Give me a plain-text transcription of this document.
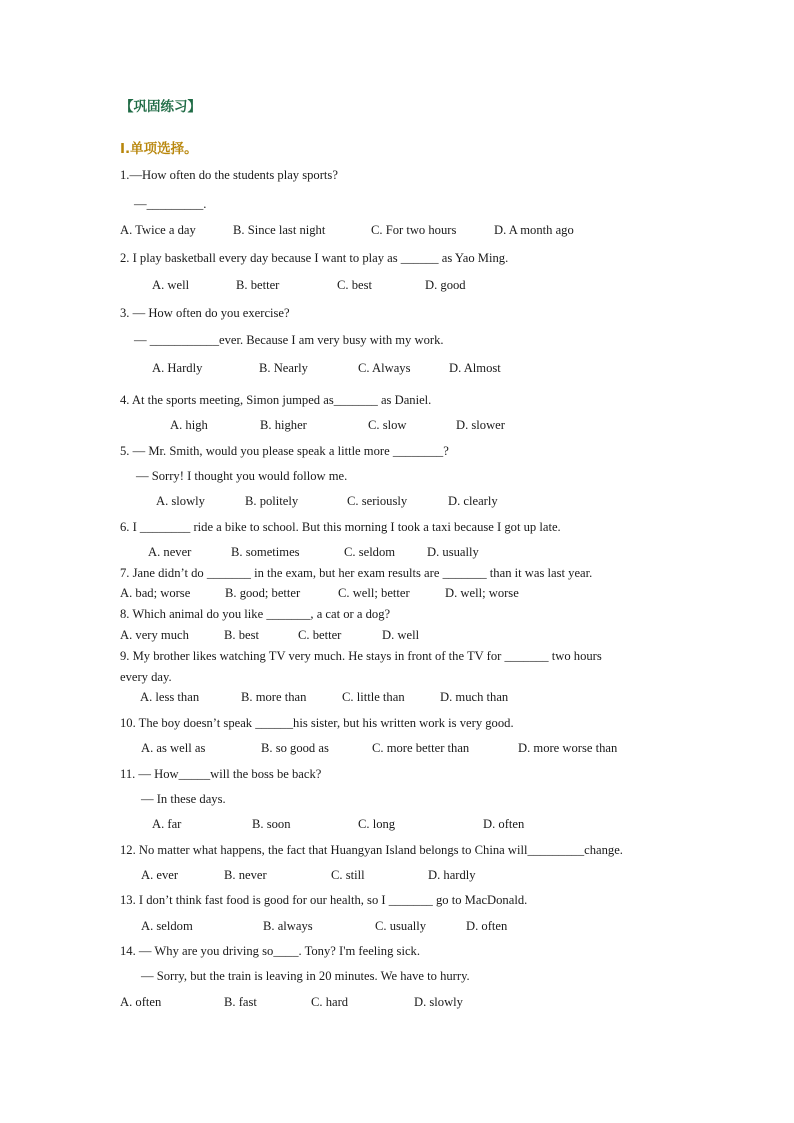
【巩固练习】
I.单项选择。
1.—How often do the students play sports?
—_________.
A. Twice a day	B. Since last night	C. For two hours	D. A month ago
2. I play basketball every day because I want to play as ______ as Yao Ming.
A. well	B. better	C. best	D. good
3. — How often do you exercise?
— ___________ever. Because I am very busy with my work.
A. Hardly	B. Nearly	C. Always	D. Almost
4. At the sports meeting, Simon jumped as_______ as Daniel.
A. high	B. higher	C. slow	D. slower
5. — Mr. Smith, would you please speak a little more ________?
— Sorry! I thought you would follow me.
A. slowly	B. politely	C. seriously	D. clearly
6. I ________ ride a bike to school. But this morning I took a taxi because I got up late.
A. never	B. sometimes	C. seldom	D. usually
7. Jane didn’t do _______ in the exam, but her exam results are _______ than it was last year.
A. bad; worse	B. good; better	C. well; better	D. well; worse
8. Which animal do you like _______, a cat or a dog?
A. very much	B. best	C. better	D. well
9. My brother likes watching TV very much. He stays in front of the TV for _______ two hours
every day.
A. less than	B. more than	C. little than	D. much than
10. The boy doesn’t speak ______his sister, but his written work is very good.
A. as well as	B. so good as	C. more better than	D. more worse than
11. — How_____will the boss be back?
— In these days.
A. far	B. soon	C. long	D. often
12. No matter what happens, the fact that Huangyan Island belongs to China will_________change.
A. ever	B. never	C. still	D. hardly
13. I don’t think fast food is good for our health, so I _______ go to MacDonald.
A. seldom	B. always	C. usually	D. often
14. — Why are you driving so____. Tony? I'm feeling sick.
— Sorry, but the train is leaving in 20 minutes. We have to hurry.
A. often	B. fast	C. hard	D. slowly
